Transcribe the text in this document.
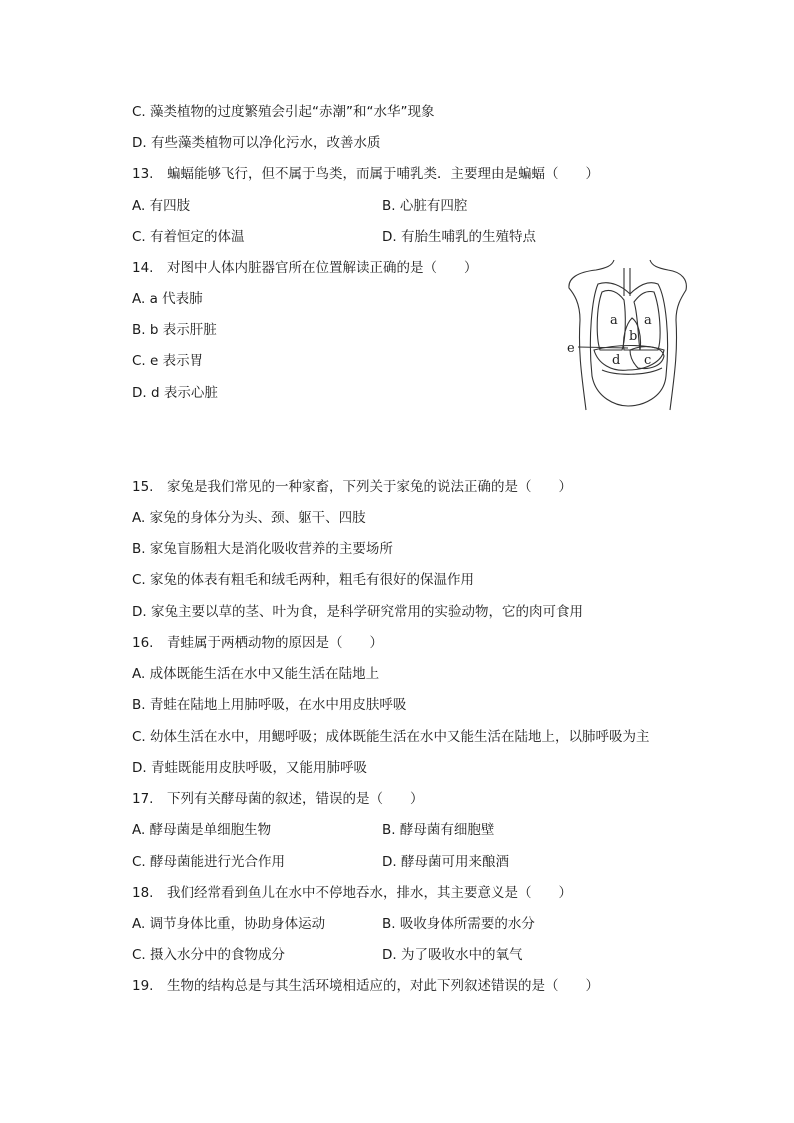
C. 藻类植物的过度繁殖会引起“赤潮”和“水华”现象
D. 有些藻类植物可以净化污水，改善水质
13.　蝙蝠能够飞行，但不属于鸟类，而属于哺乳类．主要理由是蝙蝠（　　）
A. 有四肢	B. 心脏有四腔
C. 有着恒定的体温	D. 有胎生哺乳的生殖特点
14.　对图中人体内脏器官所在位置解读正确的是（　　）
A. a 代表肺
B. b 表示肝脏
C. e 表示胃
D. d 表示心脏
a a
b
c
d
e
15.　家兔是我们常见的一种家畜，下列关于家兔的说法正确的是（　　）
A. 家兔的身体分为头、颈、躯干、四肢
B. 家兔盲肠粗大是消化吸收营养的主要场所
C. 家兔的体表有粗毛和绒毛两种，粗毛有很好的保温作用
D. 家兔主要以草的茎、叶为食，是科学研究常用的实验动物，它的肉可食用
16.　青蛙属于两栖动物的原因是（　　）
A. 成体既能生活在水中又能生活在陆地上
B. 青蛙在陆地上用肺呼吸，在水中用皮肤呼吸
C. 幼体生活在水中，用鳃呼吸；成体既能生活在水中又能生活在陆地上，以肺呼吸为主
D. 青蛙既能用皮肤呼吸，又能用肺呼吸
17.　下列有关酵母菌的叙述，错误的是（　　）
A. 酵母菌是单细胞生物	B. 酵母菌有细胞壁
C. 酵母菌能进行光合作用	D. 酵母菌可用来酿酒
18.　我们经常看到鱼儿在水中不停地吞水，排水，其主要意义是（　　）
A. 调节身体比重，协助身体运动	B. 吸收身体所需要的水分
C. 摄入水分中的食物成分	D. 为了吸收水中的氧气
19.　生物的结构总是与其生活环境相适应的，对此下列叙述错误的是（　　）
